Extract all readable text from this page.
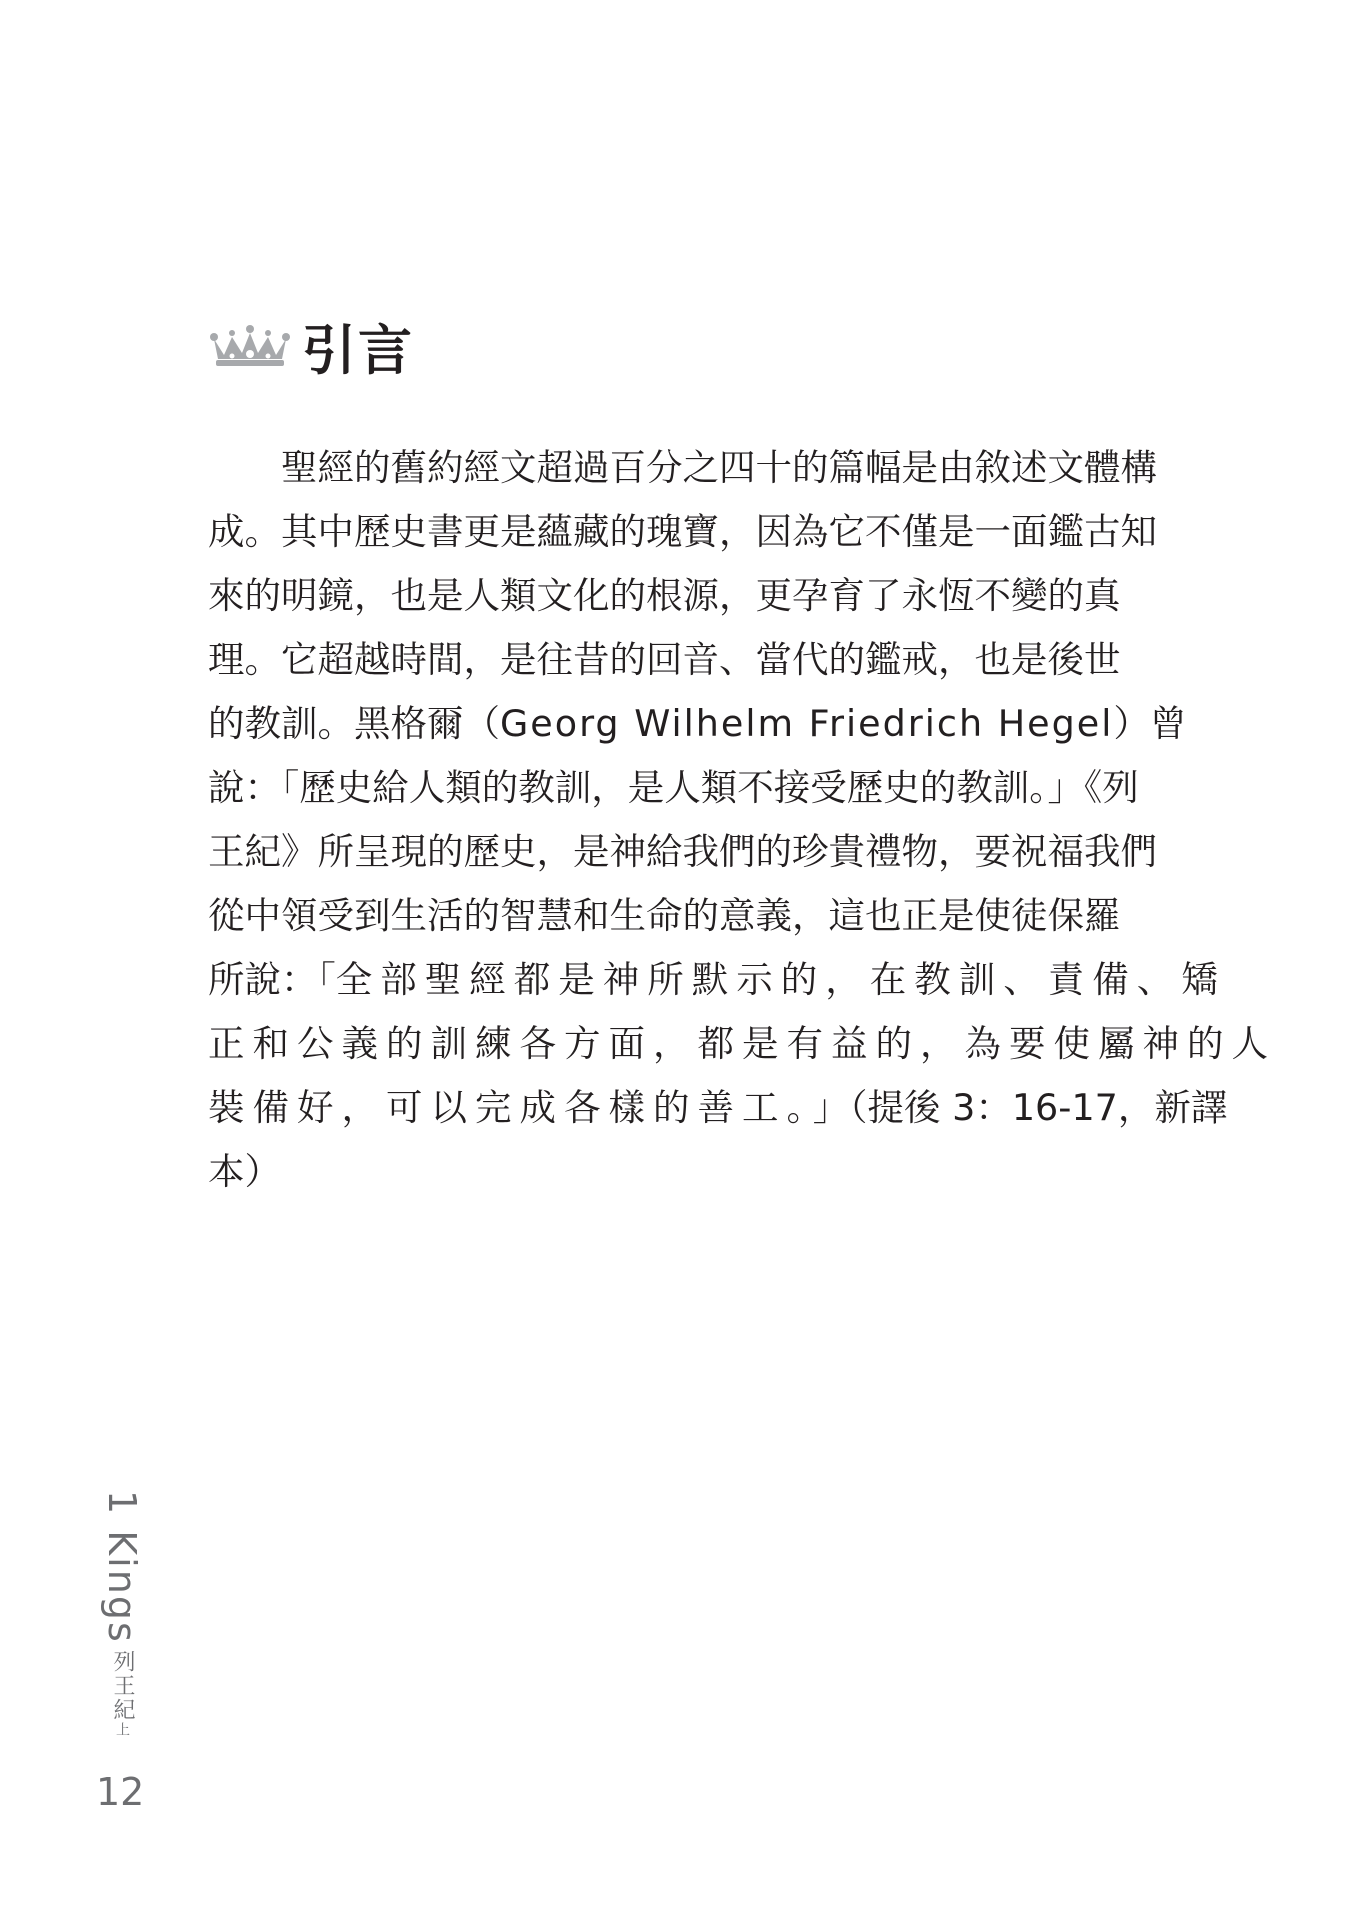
引言
聖經的舊約經文超過百分之四十的篇幅是由敘述文體構
成。其中歷史書更是蘊藏的瑰寶，因為它不僅是一面鑑古知
來的明鏡，也是人類文化的根源，更孕育了永恆不變的真
理。它超越時間，是往昔的回音、當代的鑑戒，也是後世
的教訓。黑格爾（Georg Wilhelm Friedrich Hegel）曾
說：「歷史給人類的教訓，是人類不接受歷史的教訓。」《列
王紀》所呈現的歷史，是神給我們的珍貴禮物，要祝福我們
從中領受到生活的智慧和生命的意義，這也正是使徒保羅
所說：「全部聖經都是神所默示的，在教訓、責備、矯
正和公義的訓練各方面，都是有益的，為要使屬神的人
裝備好，可以完成各樣的善工。」（提後 3：16-17，新譯
本）
1 Kings
列王紀上
12
